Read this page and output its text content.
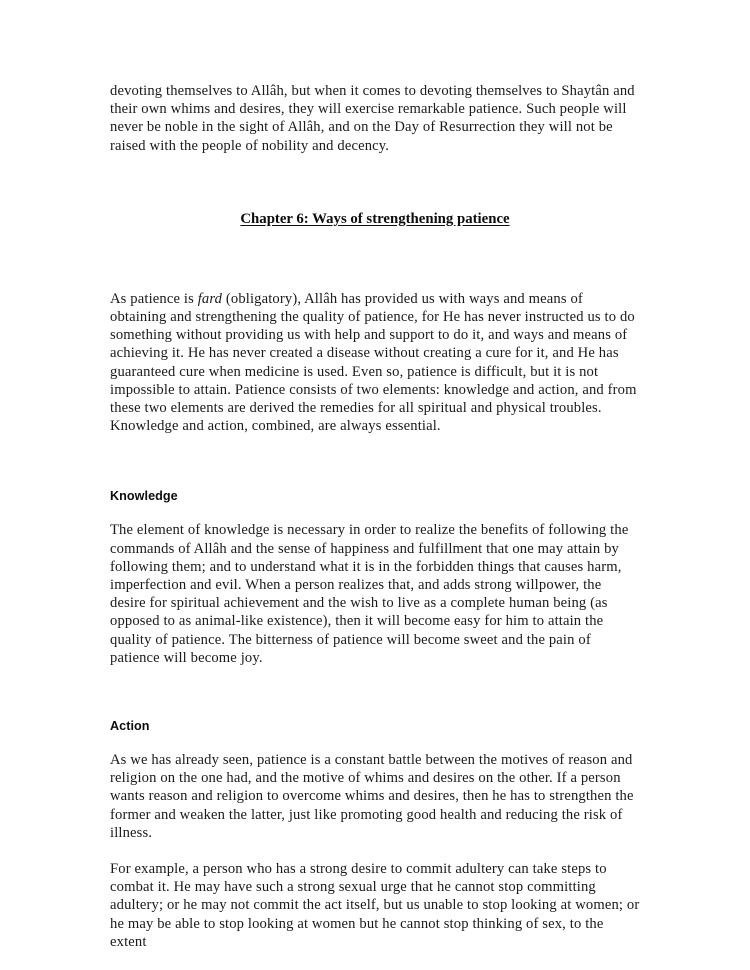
devoting themselves to Allâh, but when it comes to devoting themselves to Shaytân and their own whims and desires, they will exercise remarkable patience. Such people will never be noble in the sight of Allâh, and on the Day of Resurrection they will not be raised with the people of nobility and decency.

Chapter 6: Ways of strengthening patience

As patience is fard (obligatory), Allâh has provided us with ways and means of obtaining and strengthening the quality of patience, for He has never instructed us to do something without providing us with help and support to do it, and ways and means of achieving it. He has never created a disease without creating a cure for it, and He has guaranteed cure when medicine is used. Even so, patience is difficult, but it is not impossible to attain. Patience consists of two elements: knowledge and action, and from these two elements are derived the remedies for all spiritual and physical troubles. Knowledge and action, combined, are always essential.

Knowledge

The element of knowledge is necessary in order to realize the benefits of following the commands of Allâh and the sense of happiness and fulfillment that one may attain by following them; and to understand what it is in the forbidden things that causes harm, imperfection and evil. When a person realizes that, and adds strong willpower, the desire for spiritual achievement and the wish to live as a complete human being (as opposed to as animal-like existence), then it will become easy for him to attain the quality of patience. The bitterness of patience will become sweet and the pain of patience will become joy.

Action

As we has already seen, patience is a constant battle between the motives of reason and religion on the one had, and the motive of whims and desires on the other. If a person wants reason and religion to overcome whims and desires, then he has to strengthen the former and weaken the latter, just like promoting good health and reducing the risk of illness.

For example, a person who has a strong desire to commit adultery can take steps to combat it. He may have such a strong sexual urge that he cannot stop committing adultery; or he may not commit the act itself, but us unable to stop looking at women; or he may be able to stop looking at women but he cannot stop thinking of sex, to the extent
